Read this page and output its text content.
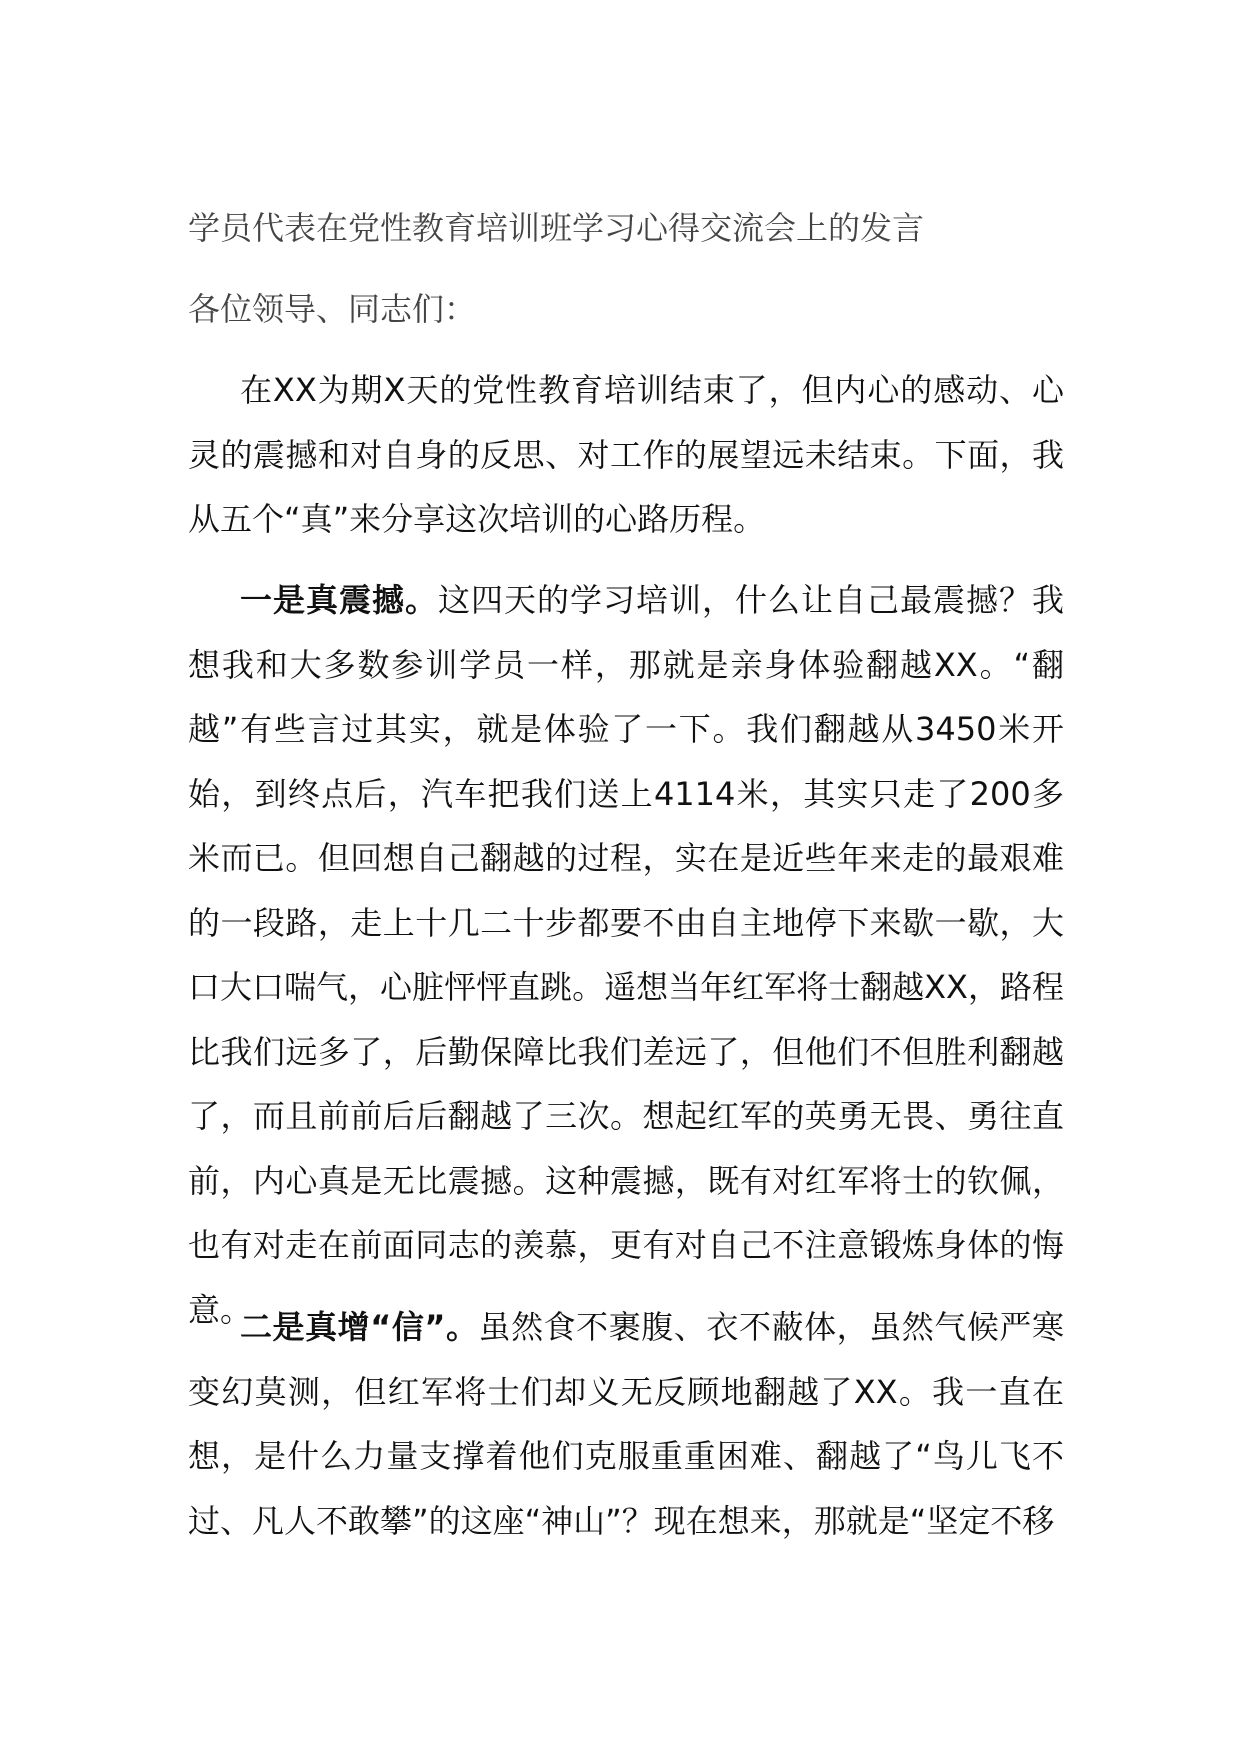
学员代表在党性教育培训班学习心得交流会上的发言

各位领导、同志们：

在XX为期X天的党性教育培训结束了，但内心的感动、心灵的震撼和对自身的反思、对工作的展望远未结束。下面，我从五个“真”来分享这次培训的心路历程。

一是真震撼。这四天的学习培训，什么让自己最震撼？我想我和大多数参训学员一样，那就是亲身体验翻越XX。“翻越”有些言过其实，就是体验了一下。我们翻越从3450米开始，到终点后，汽车把我们送上4114米，其实只走了200多米而已。但回想自己翻越的过程，实在是近些年来走的最艰难的一段路，走上十几二十步都要不由自主地停下来歇一歇，大口大口喘气，心脏怦怦直跳。遥想当年红军将士翻越XX，路程比我们远多了，后勤保障比我们差远了，但他们不但胜利翻越了，而且前前后后翻越了三次。想起红军的英勇无畏、勇往直前，内心真是无比震撼。这种震撼，既有对红军将士的钦佩，也有对走在前面同志的羡慕，更有对自己不注意锻炼身体的悔意。

二是真增“信”。虽然食不裹腹、衣不蔽体，虽然气候严寒变幻莫测，但红军将士们却义无反顾地翻越了XX。我一直在想，是什么力量支撑着他们克服重重困难、翻越了“鸟儿飞不过、凡人不敢攀”的这座“神山”？现在想来，那就是“坚定不移
